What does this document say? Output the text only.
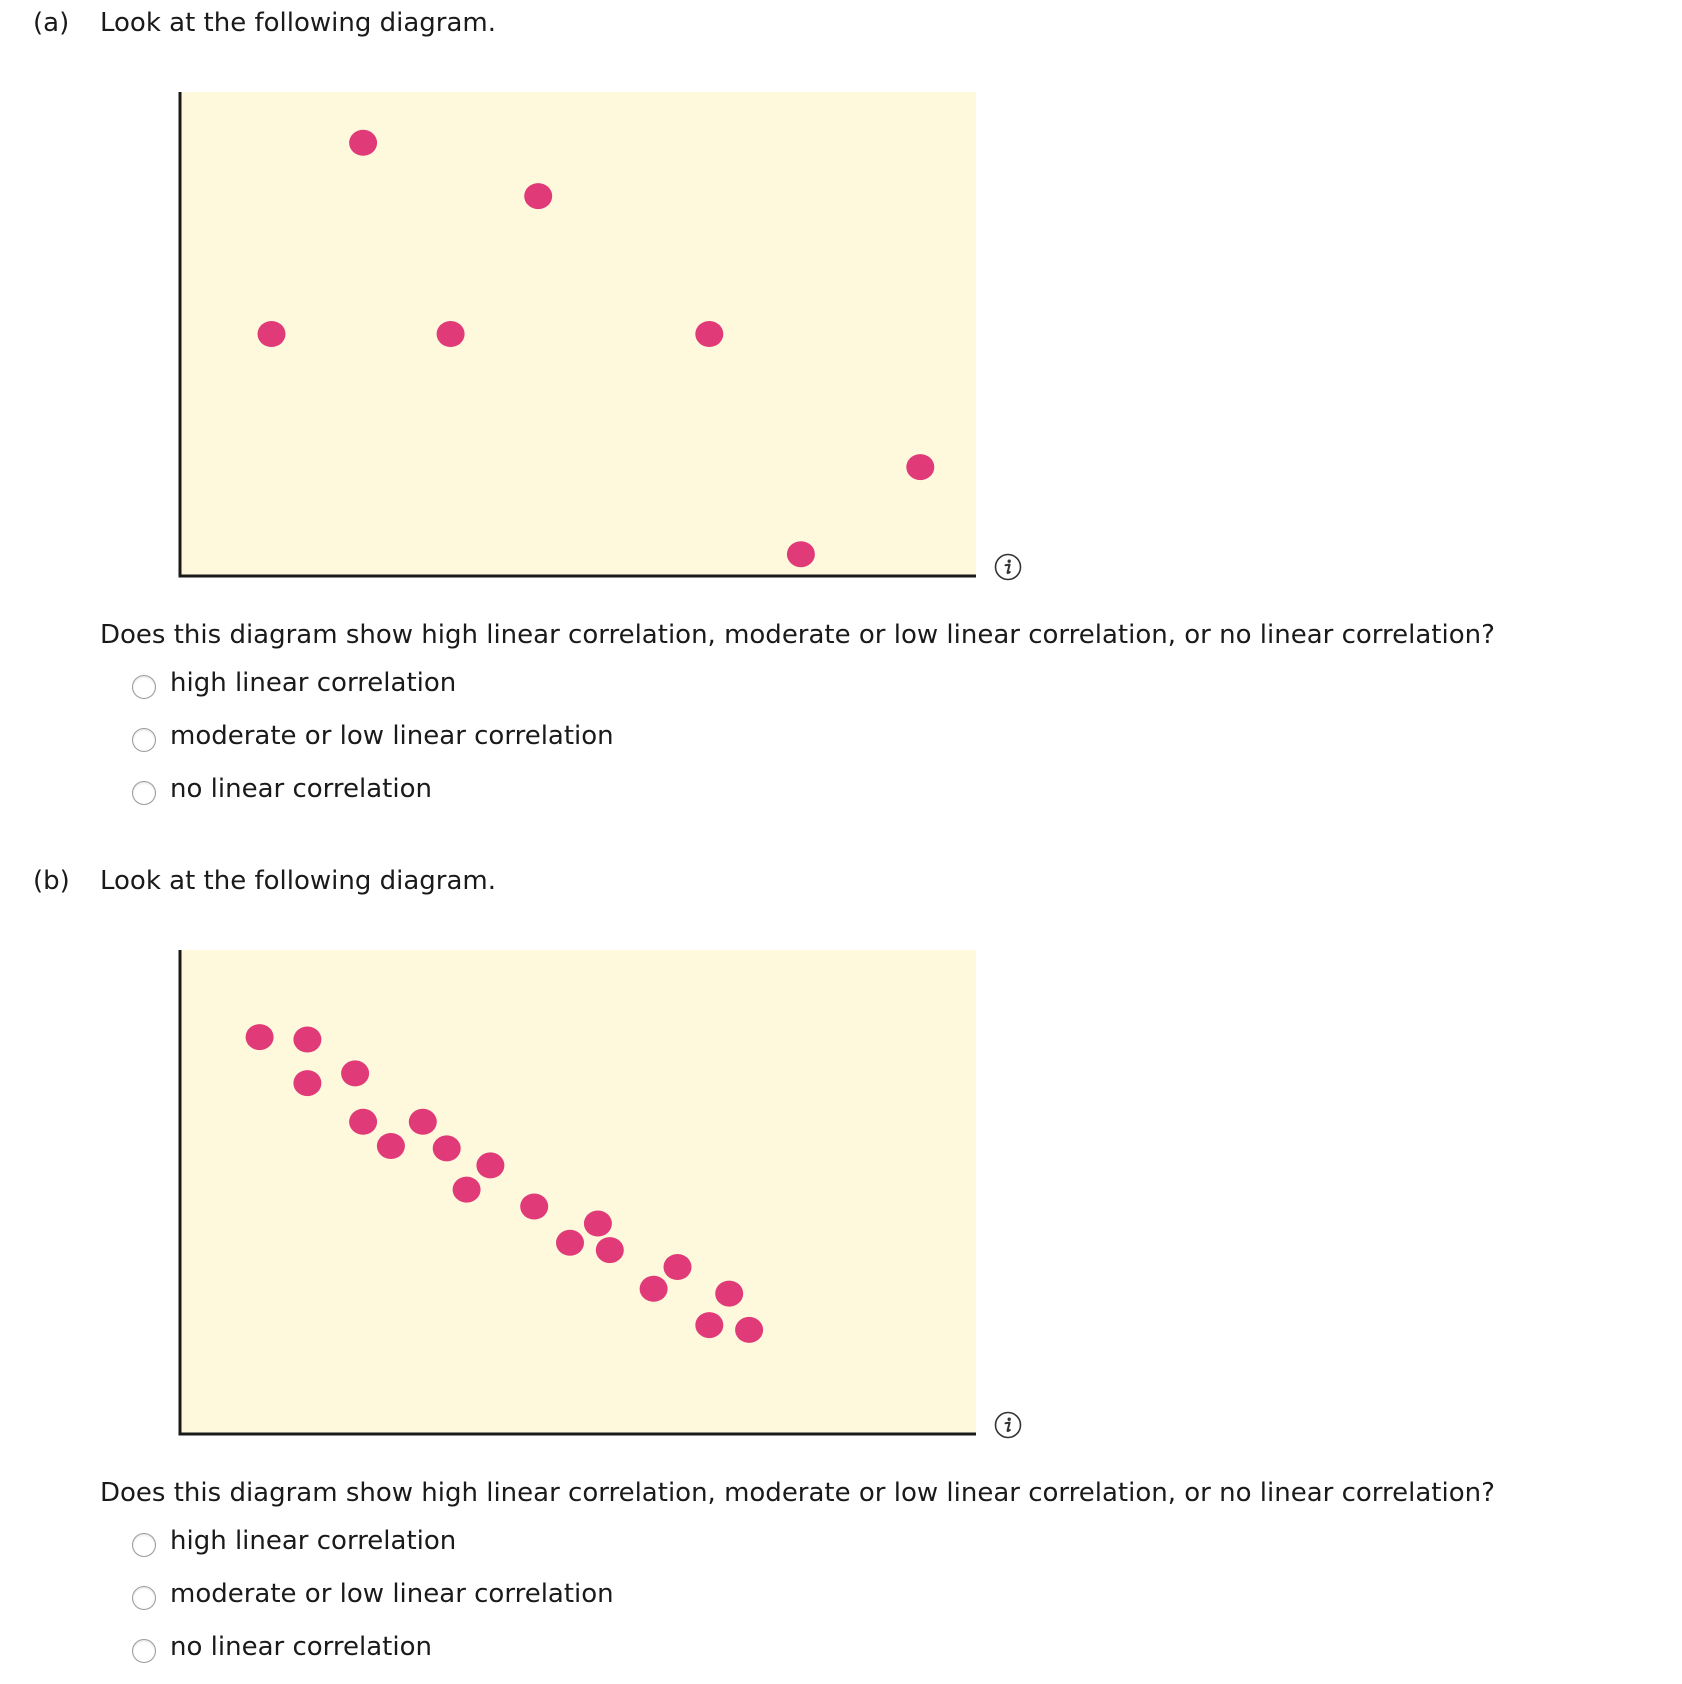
(a) Look at the following diagram.
Does this diagram show high linear correlation, moderate or low linear correlation, or no linear correlation?
high linear correlation
moderate or low linear correlation
no linear correlation
(b) Look at the following diagram.
Does this diagram show high linear correlation, moderate or low linear correlation, or no linear correlation?
high linear correlation
moderate or low linear correlation
no linear correlation
